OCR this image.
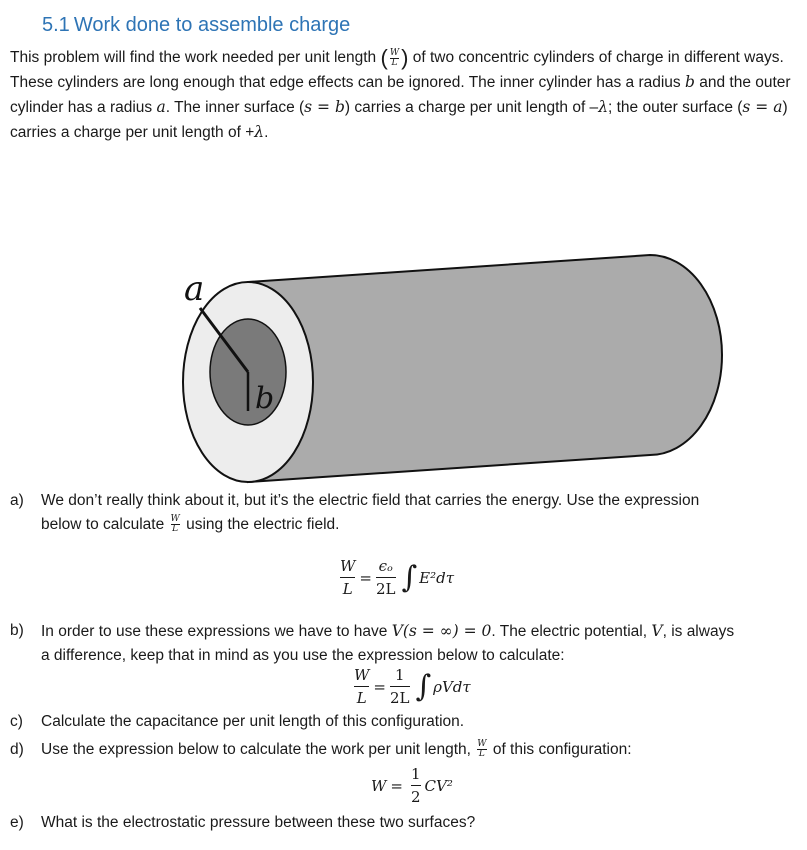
5.1 Work done to assemble charge
This problem will find the work needed per unit length ( $\frac{W}{L}$ ) of two concentric cylinders of charge in different ways. These cylinders are long enough that edge effects can be ignored. The inner cylinder has a radius b and the outer cylinder has a radius a. The inner surface (s = b) carries a charge per unit length of –λ; the outer surface (s = a) carries a charge per unit length of +λ.
a
b
a) We don’t really think about it, but it’s the electric field that carries the energy. Use the expression
below to calculate $\frac{W}{L}$ using the electric field.
W
L
=
ϵₒ
2L ∫ E²dτ
b) In order to use these expressions we have to have V(s = ∞) = 0. The electric potential, V, is always
a difference, keep that in mind as you use the expression below to calculate:
W
L
=
1
2L ∫ ρVdτ
c) Calculate the capacitance per unit length of this configuration.
d) Use the expression below to calculate the work per unit length, $\frac{W}{L}$ of this configuration:
W =
1
2
CV²
e) What is the electrostatic pressure between these two surfaces?
